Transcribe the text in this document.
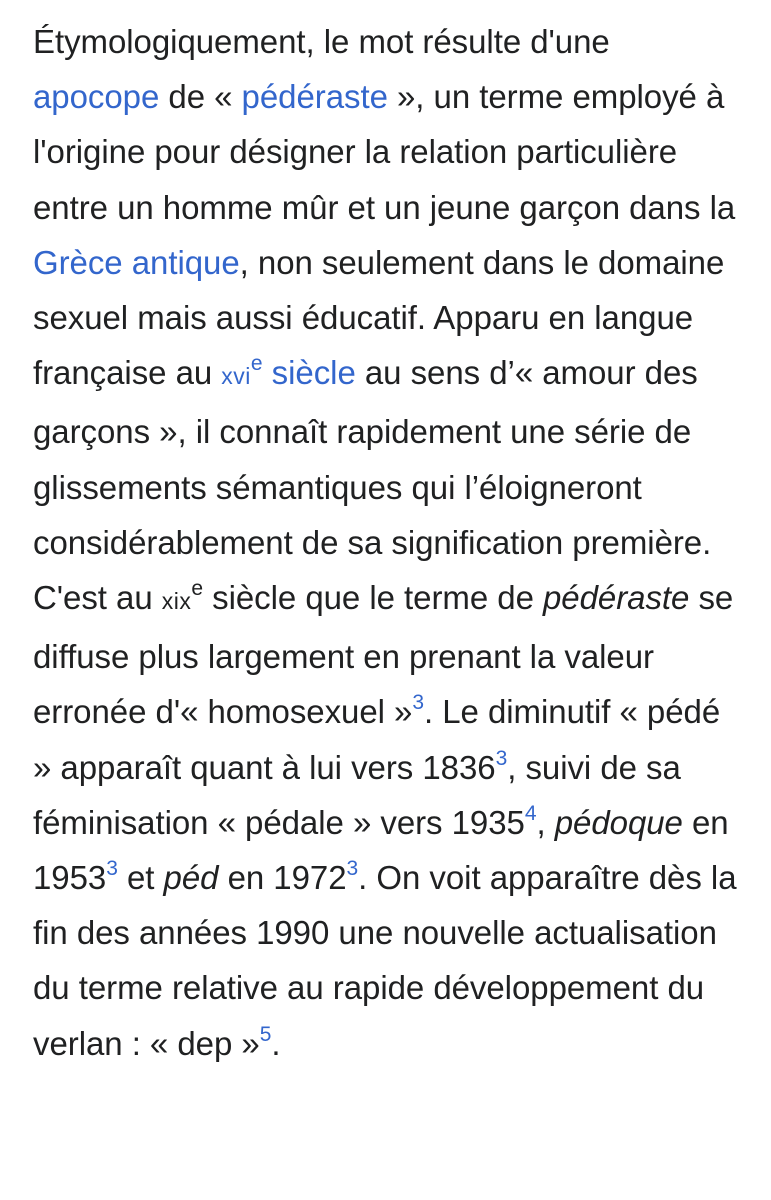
Étymologiquement, le mot résulte d'une apocope de « pédéraste », un terme employé à l'origine pour désigner la relation particulière entre un homme mûr et un jeune garçon dans la Grèce antique, non seulement dans le domaine sexuel mais aussi éducatif. Apparu en langue française au xvi$^e$ siècle au sens d’« amour des garçons », il connaît rapidement une série de glissements sémantiques qui l’éloigneront considérablement de sa signification première. C'est au xix$^e$ siècle que le terme de pédéraste se diffuse plus largement en prenant la valeur erronée d'« homosexuel »$^3$. Le diminutif « pédé » apparaît quant à lui vers 1836$^3$, suivi de sa féminisation « pédale » vers 1935$^4$, pédoque en 1953$^3$ et péd en 1972$^3$. On voit apparaître dès la fin des années 1990 une nouvelle actualisation du terme relative au rapide développement du verlan : « dep »$^5$.
